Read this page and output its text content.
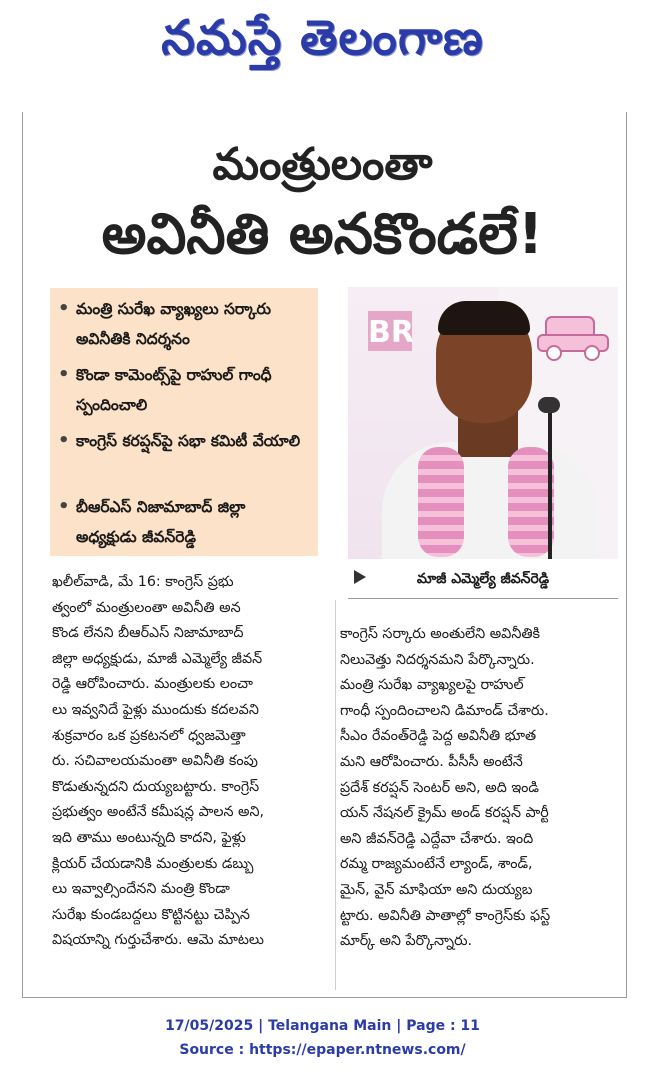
నమస్తే తెలంగాణ
మంత్రులంతా
అవినీతి అనకొండలే!
• మంత్రి సురేఖ వ్యాఖ్యలు సర్కారు అవినీతికి నిదర్శనం
• కొండా కామెంట్స్‌పై రాహుల్ గాంధీ స్పందించాలి
• కాంగ్రెస్ కరప్షన్‌పై సభా కమిటీ వేయాలి
• బీఆర్‌ఎస్ నిజామాబాద్ జిల్లా అధ్యక్షుడు జీవన్‌రెడ్డి
BR
మాజీ ఎమ్మెల్యే జీవన్‌రెడ్డి
ఖలీల్‌వాడి, మే 16: కాంగ్రెస్ ప్రభు
త్వంలో మంత్రులంతా అవినీతి అన
కొండ లేనని బీఆర్‌ఎస్ నిజామాబాద్
జిల్లా అధ్యక్షుడు, మాజీ ఎమ్మెల్యే జీవన్
రెడ్డి ఆరోపించారు. మంత్రులకు లంచా
లు ఇవ్వనిదే ఫైళ్లు ముందుకు కదలవని
శుక్రవారం ఒక ప్రకటనలో ధ్వజమెత్తా
రు. సచివాలయమంతా అవినీతి కంపు
కొడుతున్నదని దుయ్యబట్టారు. కాంగ్రెస్
ప్రభుత్వం అంటేనే కమీషన్ల పాలన అని,
ఇది తాము అంటున్నది కాదని, ఫైళ్లు
క్లియర్ చేయడానికి మంత్రులకు డబ్బు
లు ఇవ్వాల్సిందేనని మంత్రి కొండా
సురేఖ కుండబద్దలు కొట్టినట్టు చెప్పిన
విషయాన్ని గుర్తుచేశారు. ఆమె మాటలు
కాంగ్రెస్ సర్కారు అంతులేని అవినీతికి
నిలువెత్తు నిదర్శనమని పేర్కొన్నారు.
మంత్రి సురేఖ వ్యాఖ్యలపై రాహుల్
గాంధీ స్పందించాలని డిమాండ్ చేశారు.
సీఎం రేవంత్‌రెడ్డి పెద్ద అవినీతి భూత
మని ఆరోపించారు. పీసీసీ అంటేనే
ప్రదేశ్ కరప్షన్ సెంటర్ అని, అది ఇండి
యన్ నేషనల్ క్రైమ్ అండ్ కరప్షన్ పార్టీ
అని జీవన్‌రెడ్డి ఎద్దేవా చేశారు. ఇంది
రమ్మ రాజ్యమంటేనే ల్యాండ్, శాండ్,
మైన్, వైన్ మాఫియా అని దుయ్యబ
ట్టారు. అవినీతి పాతాల్లో కాంగ్రెస్‌కు ఫస్ట్
మార్క్ అని పేర్కొన్నారు.
17/05/2025 | Telangana Main | Page : 11
Source : https://epaper.ntnews.com/
